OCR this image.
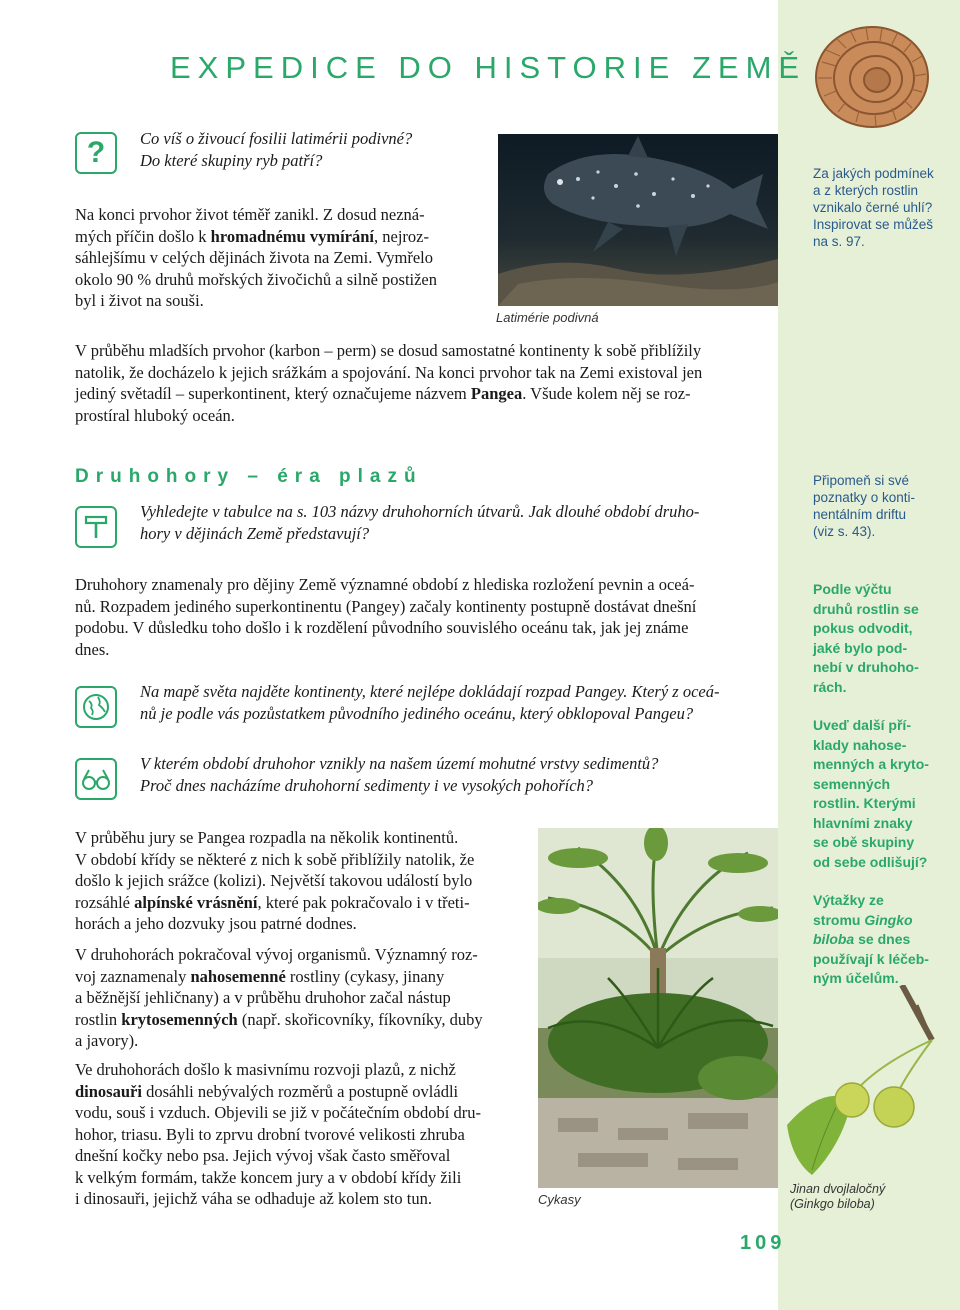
EXPEDICE DO HISTORIE ZEMĚ
? Co víš o živoucí fosilii latimérii podivné?
Do které skupiny ryb patří?
Na konci prvohor život téměř zanikl. Z dosud nezná-
mých příčin došlo k hromadnému vymírání, nejroz-
sáhlejšímu v celých dějinách života na Zemi. Vymřelo
okolo 90 % druhů mořských živočichů a silně postižen
byl i život na souši.
Latimérie podivná
Za jakých podmínek
a z kterých rostlin
vznikalo černé uhlí?
Inspirovat se můžeš
na s. 97.
V průběhu mladších prvohor (karbon – perm) se dosud samostatné kontinenty k sobě přiblížily
natolik, že docházelo k jejich srážkám a spojování. Na konci prvohor tak na Zemi existoval jen
jediný světadíl – superkontinent, který označujeme názvem Pangea. Všude kolem něj se roz-
prostíral hluboký oceán.
Druhohory – éra plazů
Vyhledejte v tabulce na s. 103 názvy druhohorních útvarů. Jak dlouhé období druho-
hory v dějinách Země představují?
Připomeň si své
poznatky o konti-
nentálním driftu
(viz s. 43).
Druhohory znamenaly pro dějiny Země významné období z hlediska rozložení pevnin a oceá-
nů. Rozpadem jediného superkontinentu (Pangey) začaly kontinenty postupně dostávat dnešní
podobu. V důsledku toho došlo i k rozdělení původního souvislého oceánu tak, jak jej známe
dnes.
Na mapě světa najděte kontinenty, které nejlépe dokládají rozpad Pangey. Který z oceá-
nů je podle vás pozůstatkem původního jediného oceánu, který obklopoval Pangeu?
V kterém období druhohor vznikly na našem území mohutné vrstvy sedimentů?
Proč dnes nacházíme druhohorní sedimenty i ve vysokých pohořích?
Podle výčtu
druhů rostlin se
pokus odvodit,
jaké bylo pod-
nebí v druhoho-
rách.
Uveď další pří-
klady nahose-
menných a kryto-
semenných
rostlin. Kterými
hlavními znaky
se obě skupiny
od sebe odlišují?
Výtažky ze
stromu Gingko
biloba se dnes
používají k léčeb-
ným účelům.
V průběhu jury se Pangea rozpadla na několik kontinentů.
V období křídy se některé z nich k sobě přiblížily natolik, že
došlo k jejich srážce (kolizi). Největší takovou událostí bylo
rozsáhlé alpínské vrásnění, které pak pokračovalo i v třeti-
horách a jeho dozvuky jsou patrné dodnes.
V druhohorách pokračoval vývoj organismů. Významný roz-
voj zaznamenaly nahosemenné rostliny (cykasy, jinany
a běžnější jehličnany) a v průběhu druhohor začal nástup
rostlin krytosemenných (např. skořicovníky, fíkovníky, duby
a javory).
Ve druhohorách došlo k masivnímu rozvoji plazů, z nichž
dinosauři dosáhli nebývalých rozměrů a postupně ovládli
vodu, souš i vzduch. Objevili se již v počátečním období dru-
hohor, triasu. Byli to zprvu drobní tvorové velikosti zhruba
dnešní kočky nebo psa. Jejich vývoj však často směřoval
k velkým formám, takže koncem jury a v období křídy žili
i dinosauři, jejichž váha se odhaduje až kolem sto tun.	Cykasy
Jinan dvojlaločný
(Ginkgo biloba)
109
